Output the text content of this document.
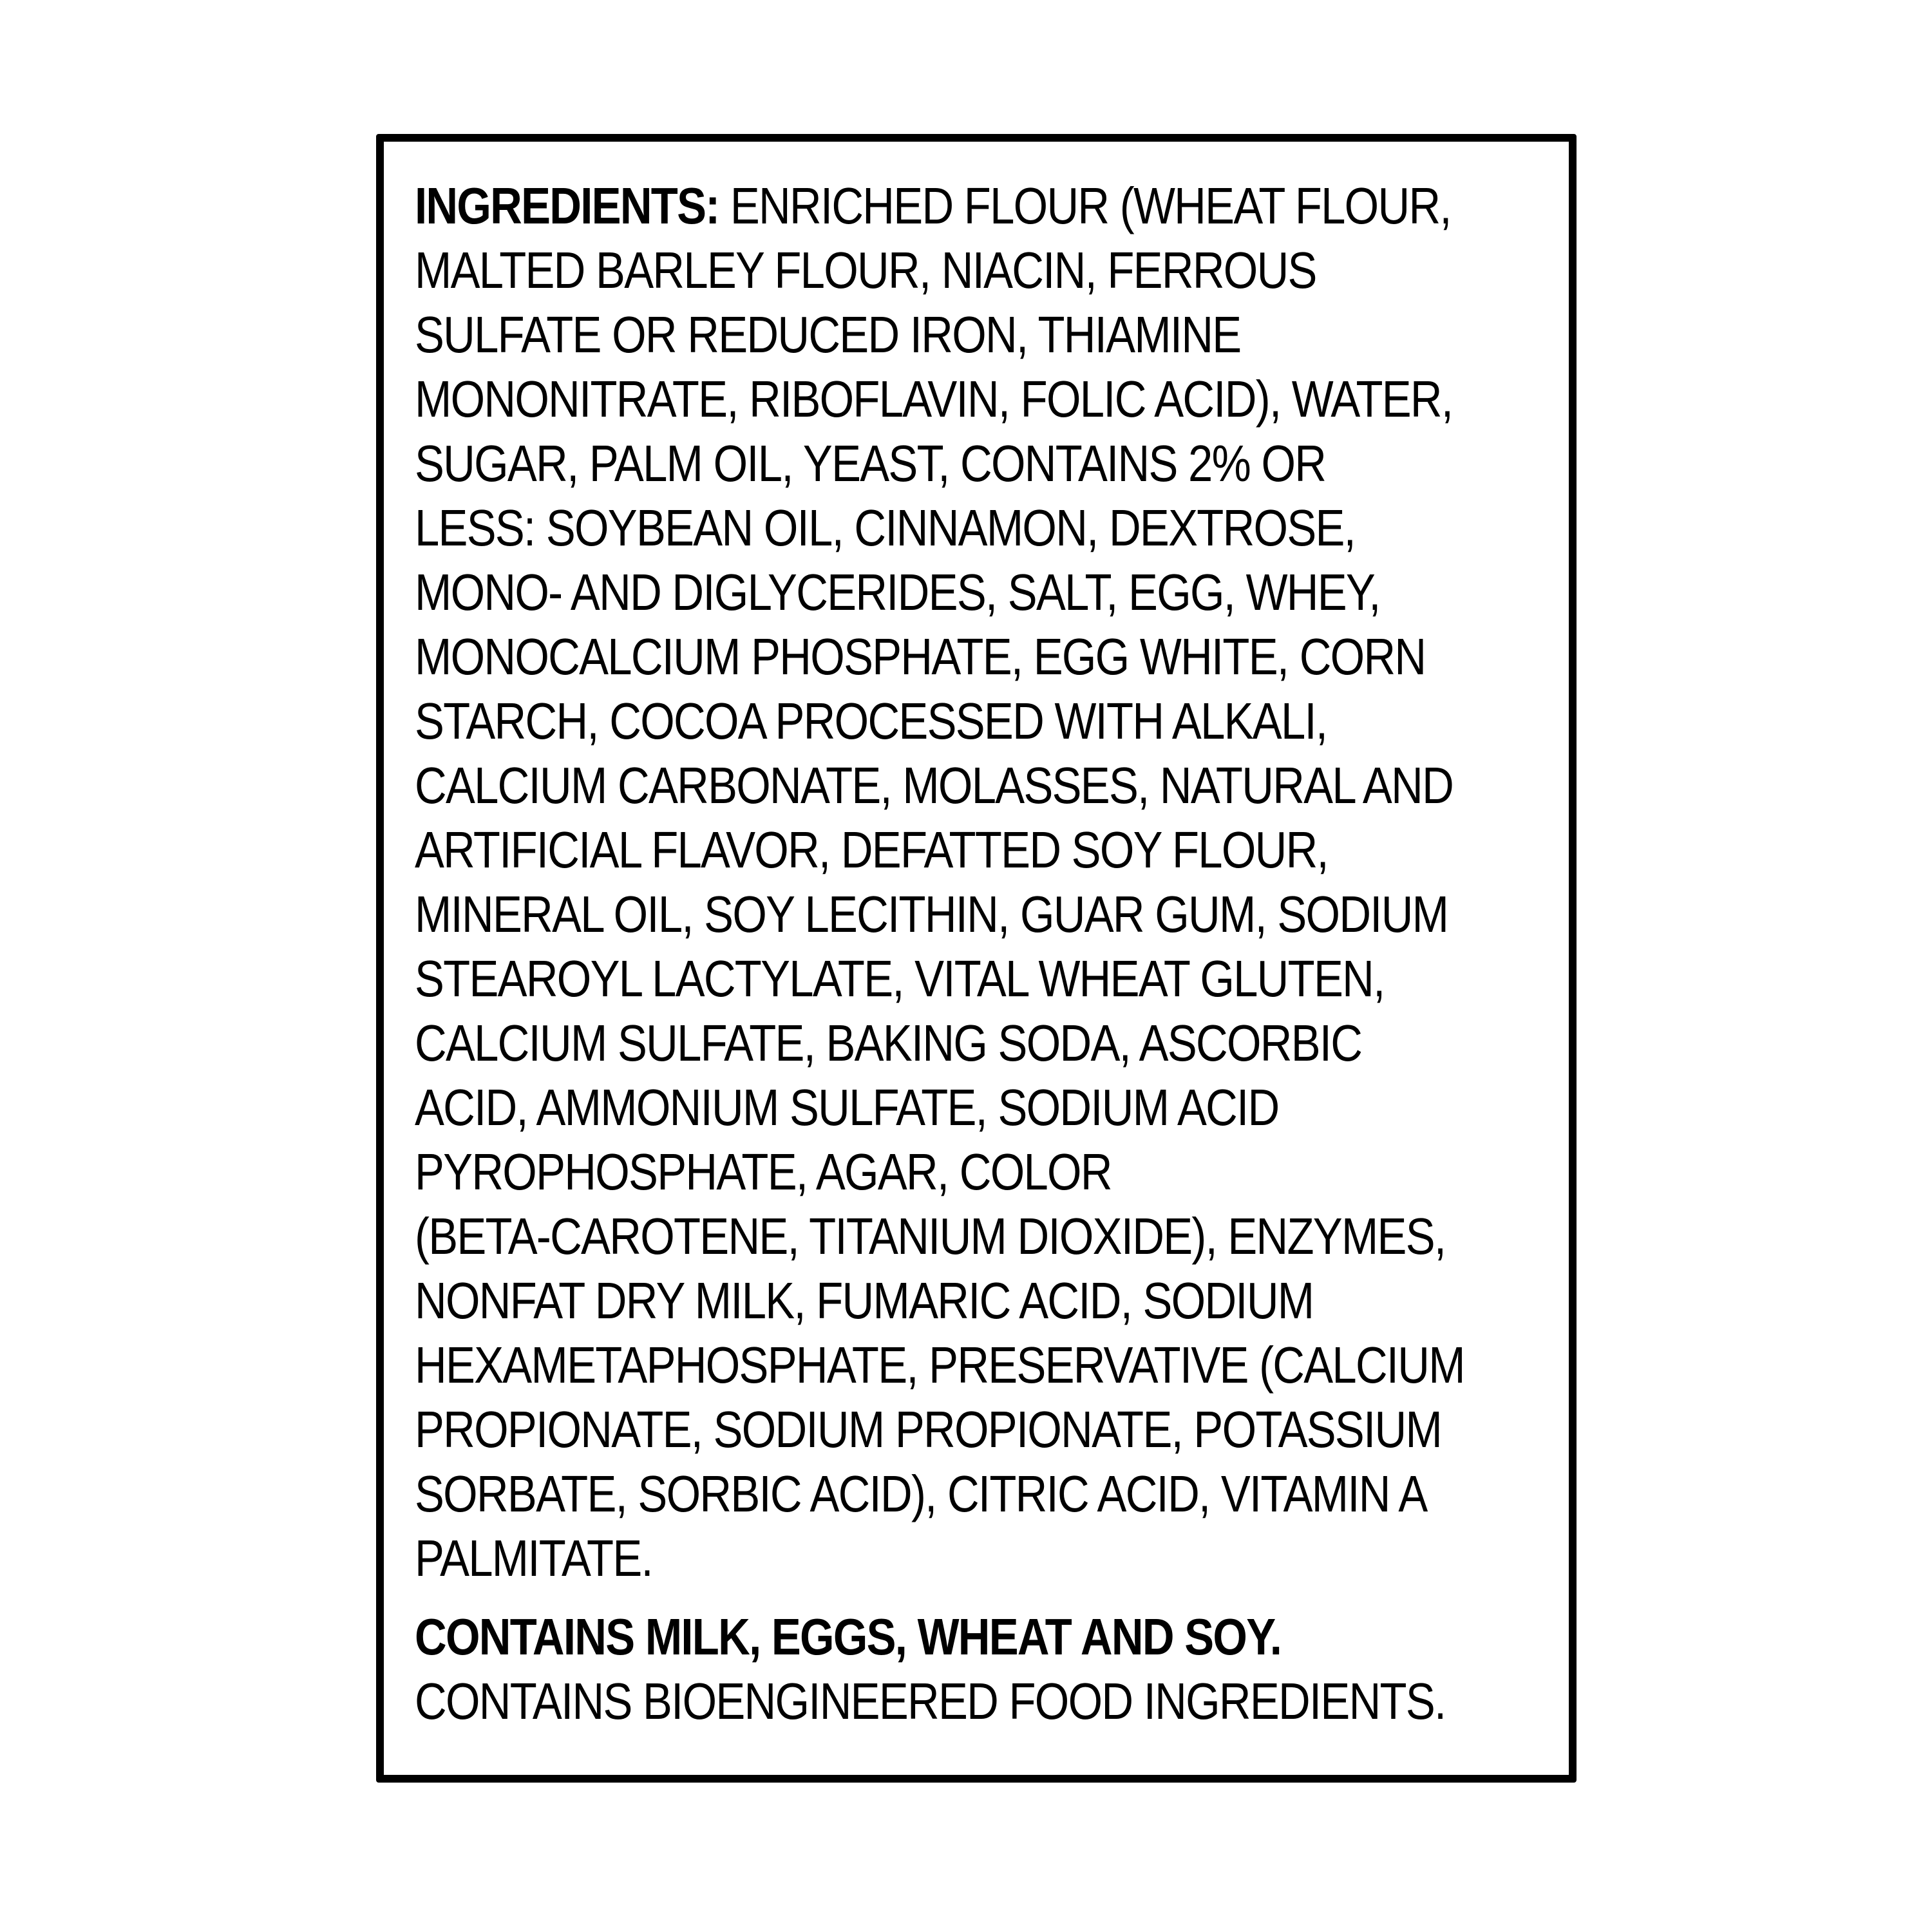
INGREDIENTS: ENRICHED FLOUR (WHEAT FLOUR,
MALTED BARLEY FLOUR, NIACIN, FERROUS
SULFATE OR REDUCED IRON, THIAMINE
MONONITRATE, RIBOFLAVIN, FOLIC ACID), WATER,
SUGAR, PALM OIL, YEAST, CONTAINS 2% OR
LESS: SOYBEAN OIL, CINNAMON, DEXTROSE,
MONO- AND DIGLYCERIDES, SALT, EGG, WHEY,
MONOCALCIUM PHOSPHATE, EGG WHITE, CORN
STARCH, COCOA PROCESSED WITH ALKALI,
CALCIUM CARBONATE, MOLASSES, NATURAL AND
ARTIFICIAL FLAVOR, DEFATTED SOY FLOUR,
MINERAL OIL, SOY LECITHIN, GUAR GUM, SODIUM
STEAROYL LACTYLATE, VITAL WHEAT GLUTEN,
CALCIUM SULFATE, BAKING SODA, ASCORBIC
ACID, AMMONIUM SULFATE, SODIUM ACID
PYROPHOSPHATE, AGAR, COLOR
(BETA-CAROTENE, TITANIUM DIOXIDE), ENZYMES,
NONFAT DRY MILK, FUMARIC ACID, SODIUM
HEXAMETAPHOSPHATE, PRESERVATIVE (CALCIUM
PROPIONATE, SODIUM PROPIONATE, POTASSIUM
SORBATE, SORBIC ACID), CITRIC ACID, VITAMIN A
PALMITATE.
CONTAINS MILK, EGGS, WHEAT AND SOY.
CONTAINS BIOENGINEERED FOOD INGREDIENTS.
